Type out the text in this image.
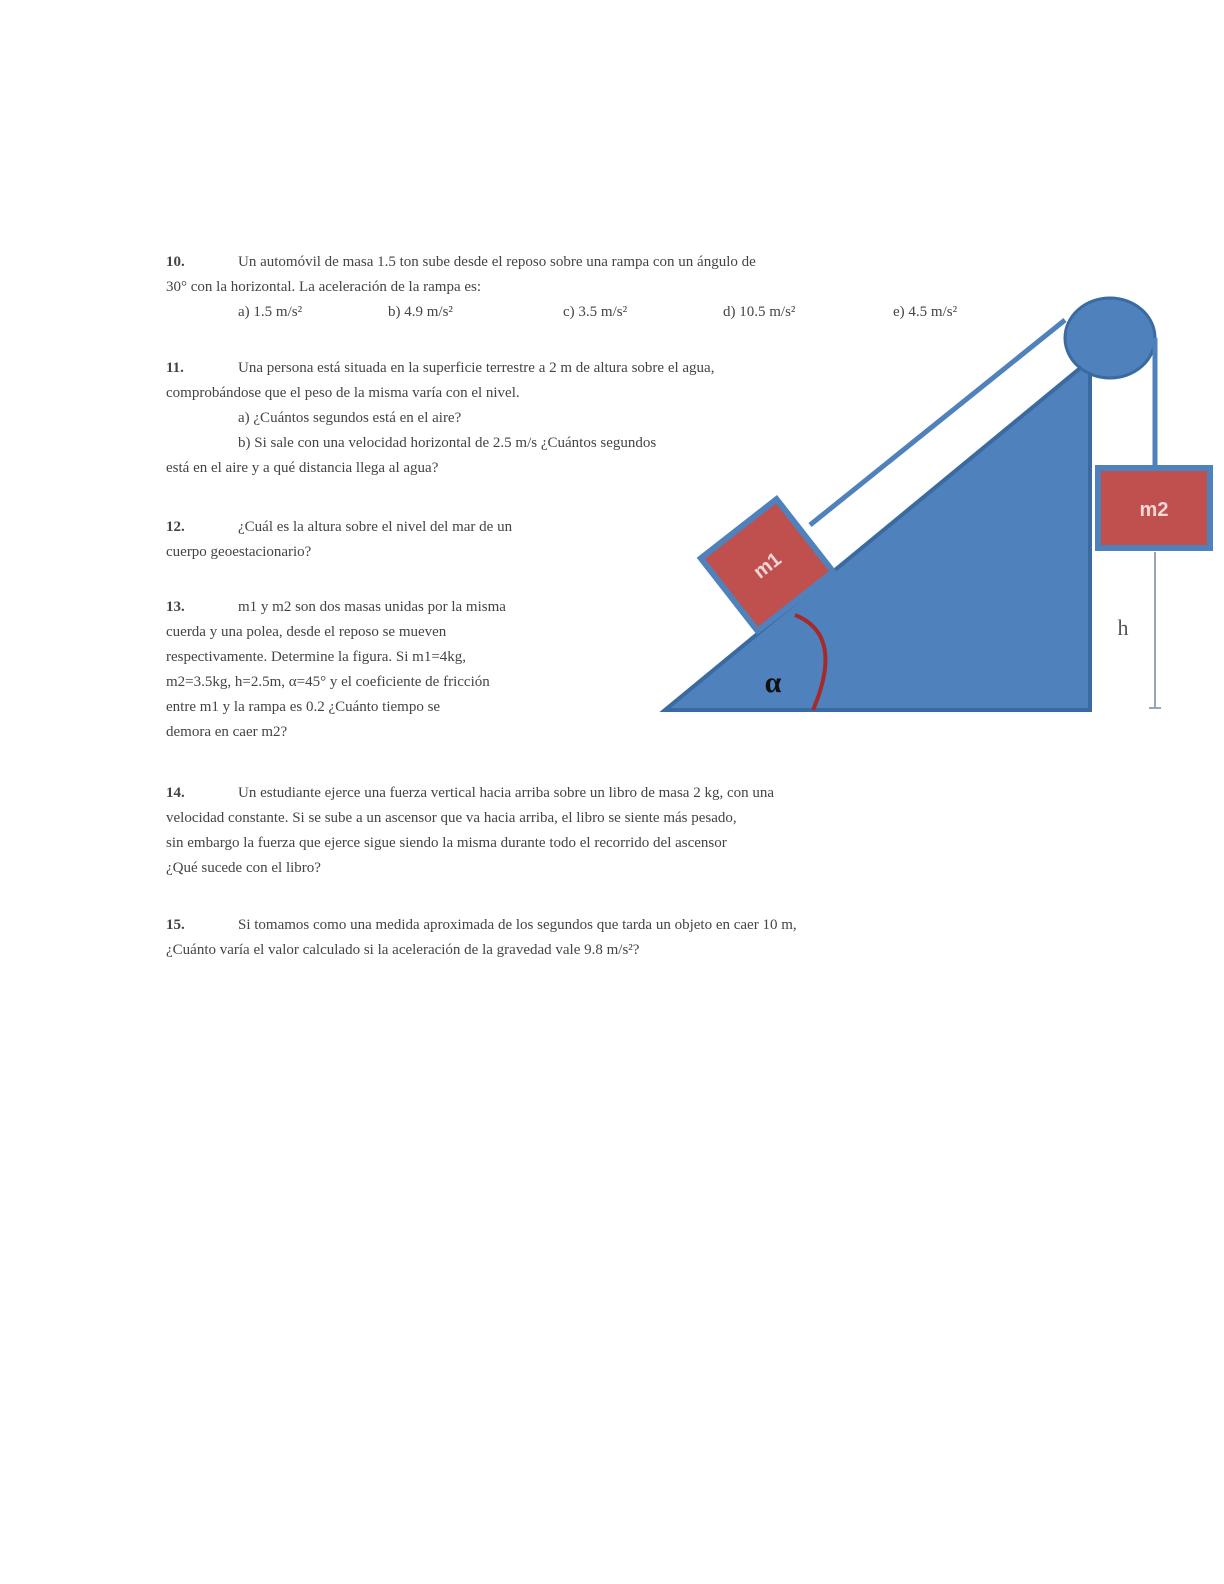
10.	Un automóvil de masa 1.5 ton sube desde el reposo sobre una rampa con un ángulo de
30° con la horizontal. La aceleración de la rampa es:
a) 1.5 m/s²	b) 4.9 m/s²	c) 3.5 m/s²	d) 10.5 m/s²	e) 4.5 m/s²
11.	Una persona está situada en la superficie terrestre a 2 m de altura sobre el agua,
comprobándose que el peso de la misma varía con el nivel.
a) ¿Cuántos segundos está en el aire?
b) Si sale con una velocidad horizontal de 2.5 m/s ¿Cuántos segundos
está en el aire y a qué distancia llega al agua?
12.	¿Cuál es la altura sobre el nivel del mar de un
cuerpo geoestacionario?
13.	m1 y m2 son dos masas unidas por la misma
cuerda y una polea, desde el reposo se mueven
respectivamente. Determine la figura. Si m1=4kg,
m2=3.5kg, h=2.5m, α=45° y el coeficiente de fricción
entre m1 y la rampa es 0.2 ¿Cuánto tiempo se
demora en caer m2?
14.	Un estudiante ejerce una fuerza vertical hacia arriba sobre un libro de masa 2 kg, con una
velocidad constante. Si se sube a un ascensor que va hacia arriba, el libro se siente más pesado,
sin embargo la fuerza que ejerce sigue siendo la misma durante todo el recorrido del ascensor
¿Qué sucede con el libro?
15.	Si tomamos como una medida aproximada de los segundos que tarda un objeto en caer 10 m,
¿Cuánto varía el valor calculado si la aceleración de la gravedad vale 9.8 m/s²?
m2
h
m1
α
